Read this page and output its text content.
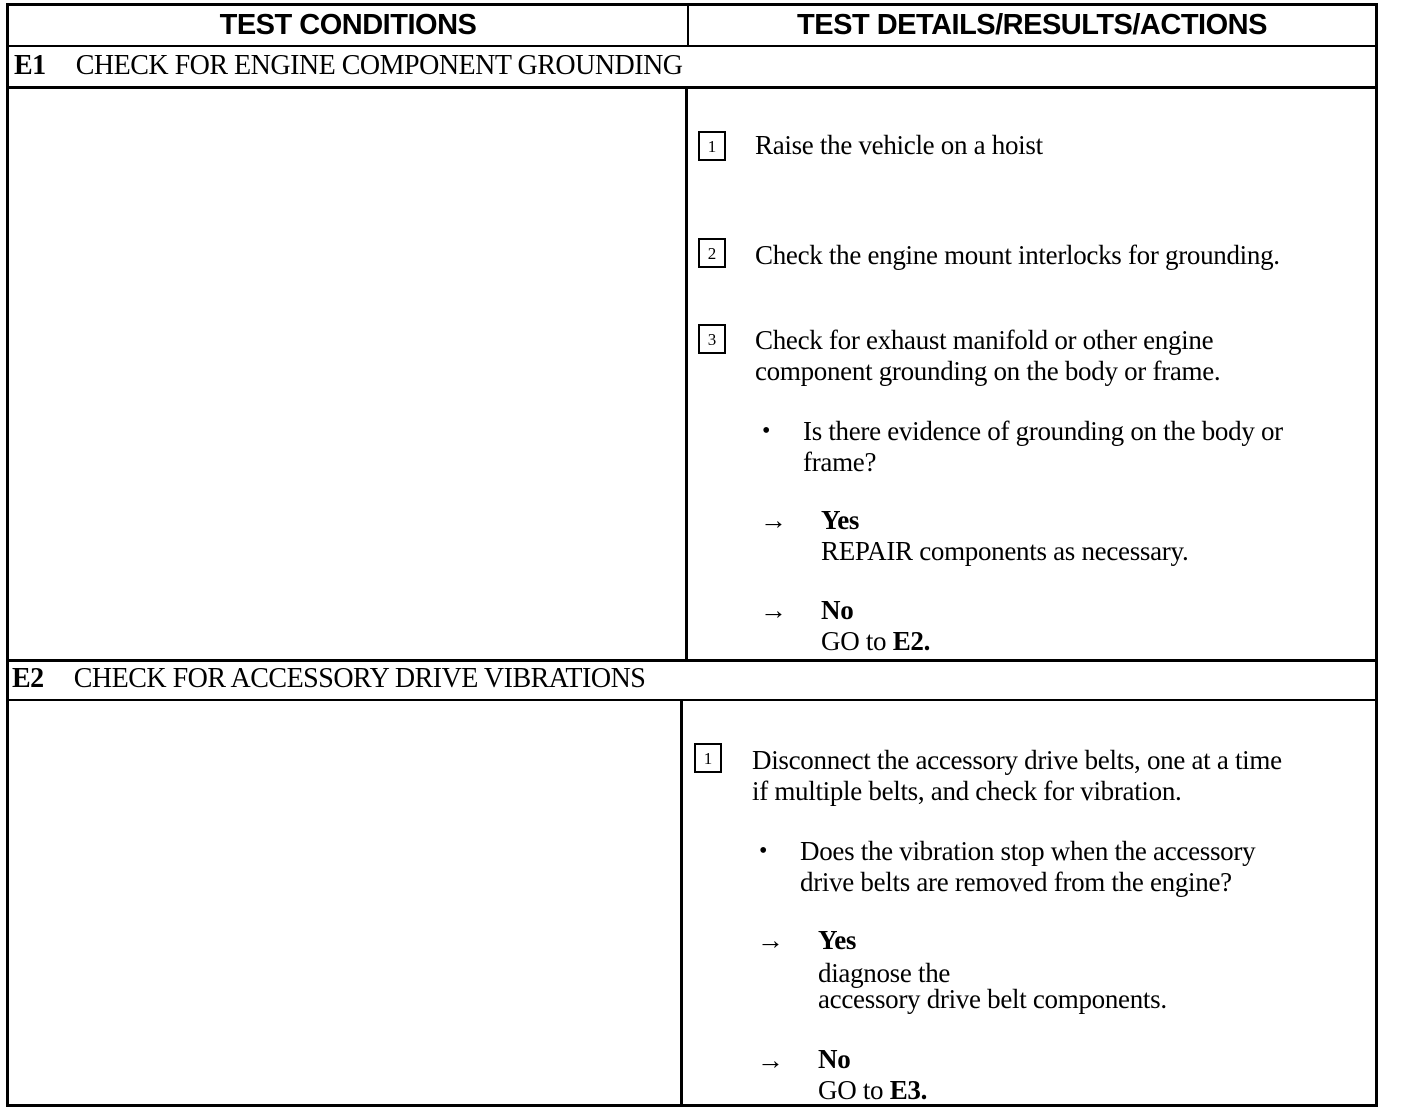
TEST CONDITIONS	TEST DETAILS/RESULTS/ACTIONS
E1 CHECK FOR ENGINE COMPONENT GROUNDING
1	Raise the vehicle on a hoist
2	Check the engine mount interlocks for grounding.
3	Check for exhaust manifold or other engine
component grounding on the body or frame.
• Is there evidence of grounding on the body or
frame?
→ Yes
REPAIR components as necessary.
→ No
GO to E2.
E2 CHECK FOR ACCESSORY DRIVE VIBRATIONS
1	Disconnect the accessory drive belts, one at a time
if multiple belts, and check for vibration.
• Does the vibration stop when the accessory
drive belts are removed from the engine?
→ Yes
diagnose the
accessory drive belt components.
→ No
GO to E3.
